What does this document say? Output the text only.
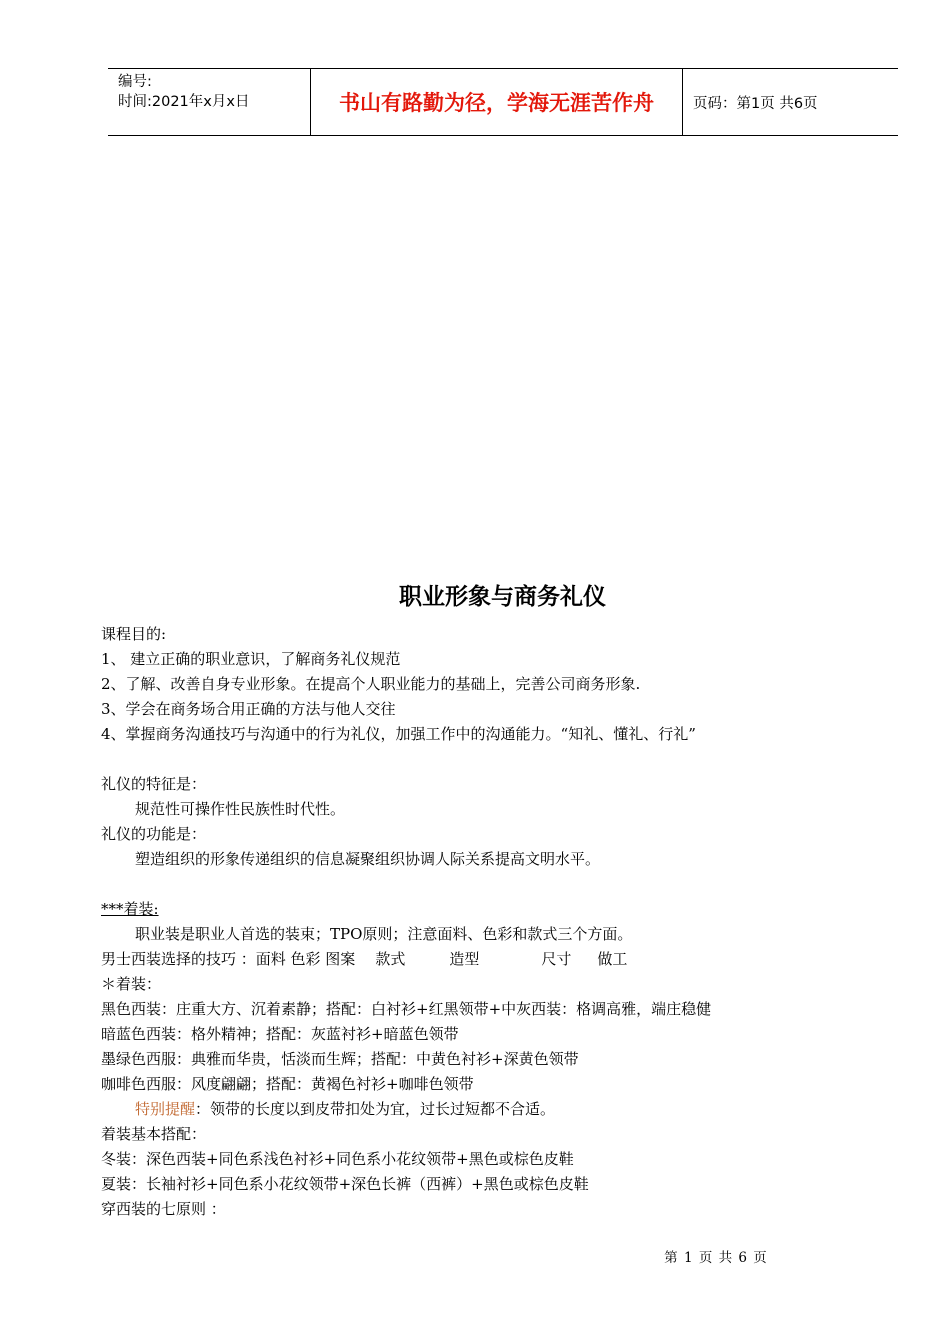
编号:
时间:2021年x月x日	书山有路勤为径，学海无涯苦作舟	页码：第1页 共6页
职业形象与商务礼仪
课程目的:
1、 建立正确的职业意识，了解商务礼仪规范
2、了解、改善自身专业形象。在提高个人职业能力的基础上，完善公司商务形象.
3、学会在商务场合用正确的方法与他人交往
4、掌握商务沟通技巧与沟通中的行为礼仪，加强工作中的沟通能力。“知礼、懂礼、行礼”
礼仪的特征是：
规范性可操作性民族性时代性。
礼仪的功能是：
塑造组织的形象传递组织的信息凝聚组织协调人际关系提高文明水平。
***着装:
职业装是职业人首选的装束；TPO原则；注意面料、色彩和款式三个方面。
男士西装选择的技巧 ：面料 色彩 图案 款式	造型	尺寸 做工
＊着装：
黑色西装：庄重大方、沉着素静；搭配：白衬衫+红黑领带+中灰西装：格调高雅，端庄稳健
暗蓝色西装：格外精神；搭配：灰蓝衬衫+暗蓝色领带
墨绿色西服：典雅而华贵，恬淡而生辉；搭配：中黄色衬衫+深黄色领带
咖啡色西服：风度翩翩；搭配：黄褐色衬衫+咖啡色领带
特别提醒：领带的长度以到皮带扣处为宜，过长过短都不合适。
着装基本搭配：
冬装：深色西装+同色系浅色衬衫+同色系小花纹领带+黑色或棕色皮鞋
夏装：长袖衬衫+同色系小花纹领带+深色长裤（西裤）+黑色或棕色皮鞋
穿西装的七原则 ：
第 1 页 共 6 页
